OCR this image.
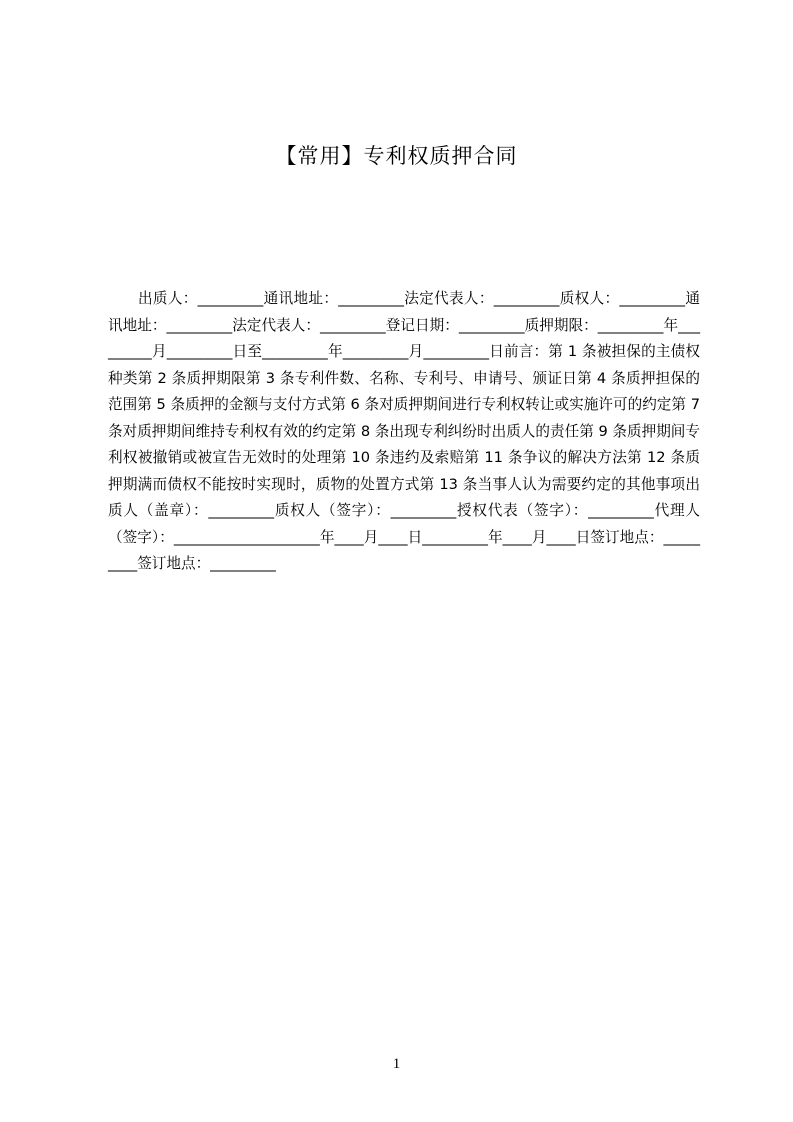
【常用】专利权质押合同

出质人：_________通讯地址：_________法定代表人：_________质权人：_________通讯地址：_________法定代表人：_________登记日期：_________质押期限：_________年_________月_________日至_________年_________月_________日前言：第 1 条被担保的主债权种类第 2 条质押期限第 3 条专利件数、名称、专利号、申请号、颁证日第 4 条质押担保的范围第 5 条质押的金额与支付方式第 6 条对质押期间进行专利权转让或实施许可的约定第 7 条对质押期间维持专利权有效的约定第 8 条出现专利纠纷时出质人的责任第 9 条质押期间专利权被撤销或被宣告无效时的处理第 10 条违约及索赔第 11 条争议的解决方法第 12 条质押期满而债权不能按时实现时，质物的处置方式第 13 条当事人认为需要约定的其他事项出质人（盖章）：_________质权人（签字）：_________授权代表（签字）：_________代理人（签字）：____________________年____月____日_________年____月____日签订地点：_________签订地点：_________

1
